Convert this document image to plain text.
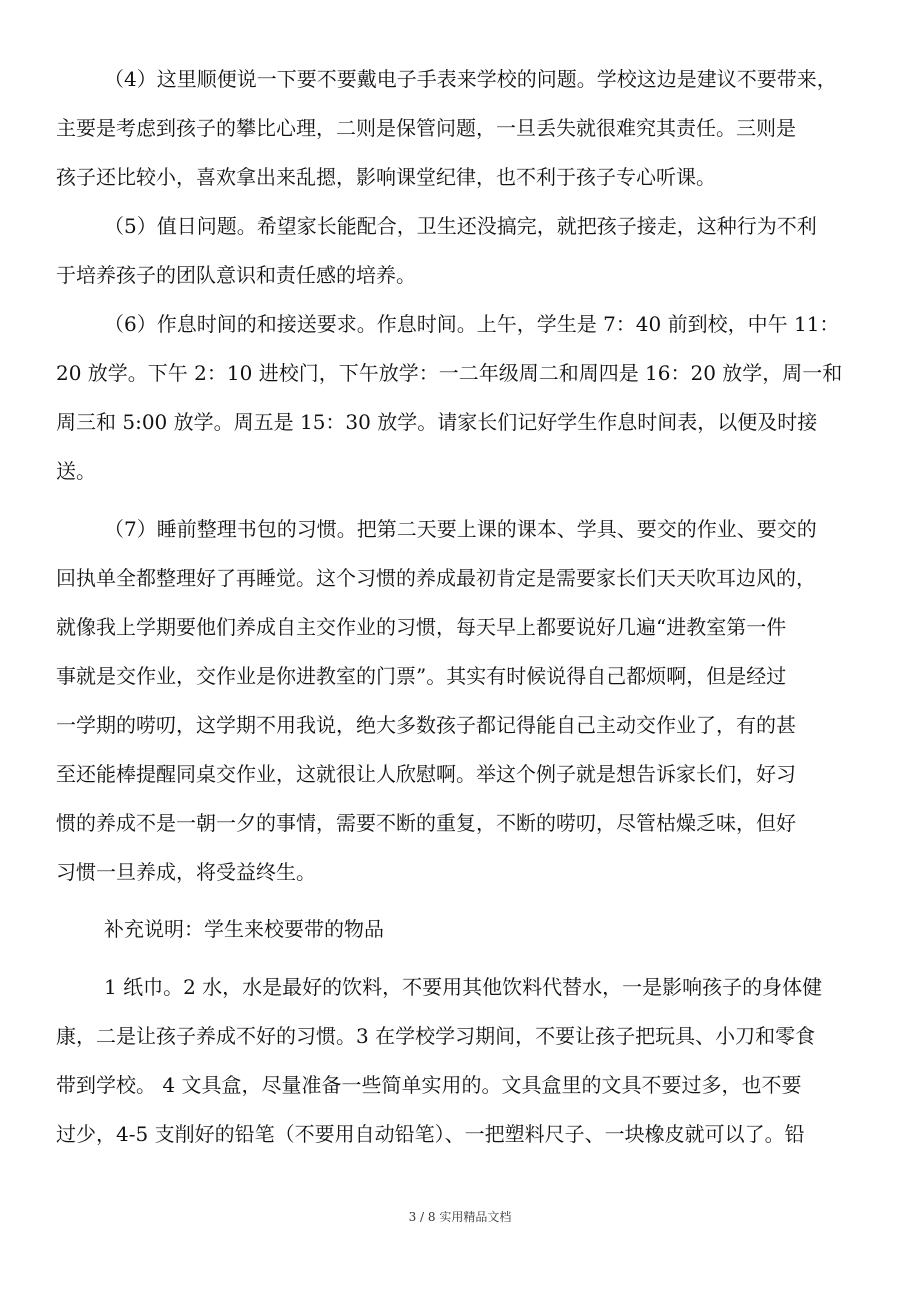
（4）这里顺便说一下要不要戴电子手表来学校的问题。学校这边是建议不要带来，
主要是考虑到孩子的攀比心理，二则是保管问题，一旦丢失就很难究其责任。三则是
孩子还比较小，喜欢拿出来乱摁，影响课堂纪律，也不利于孩子专心听课。
（5）值日问题。希望家长能配合，卫生还没搞完，就把孩子接走，这种行为不利
于培养孩子的团队意识和责任感的培养。
（6）作息时间的和接送要求。作息时间。上午，学生是 7：40 前到校，中午 11：
20 放学。下午 2：10 进校门，下午放学：一二年级周二和周四是 16：20 放学，周一和
周三和 5:00 放学。周五是 15：30 放学。请家长们记好学生作息时间表，以便及时接
送。
（7）睡前整理书包的习惯。把第二天要上课的课本、学具、要交的作业、要交的
回执单全都整理好了再睡觉。这个习惯的养成最初肯定是需要家长们天天吹耳边风的，
就像我上学期要他们养成自主交作业的习惯，每天早上都要说好几遍“进教室第一件
事就是交作业，交作业是你进教室的门票”。其实有时候说得自己都烦啊，但是经过
一学期的唠叨，这学期不用我说，绝大多数孩子都记得能自己主动交作业了，有的甚
至还能棒提醒同桌交作业，这就很让人欣慰啊。举这个例子就是想告诉家长们，好习
惯的养成不是一朝一夕的事情，需要不断的重复，不断的唠叨，尽管枯燥乏味，但好
习惯一旦养成，将受益终生。
补充说明：学生来校要带的物品
1 纸巾。2 水，水是最好的饮料，不要用其他饮料代替水，一是影响孩子的身体健
康，二是让孩子养成不好的习惯。3 在学校学习期间，不要让孩子把玩具、小刀和零食
带到学校。 4 文具盒，尽量准备一些简单实用的。文具盒里的文具不要过多，也不要
过少，4-5 支削好的铅笔（不要用自动铅笔）、一把塑料尺子、一块橡皮就可以了。铅
3 / 8 实用精品文档
